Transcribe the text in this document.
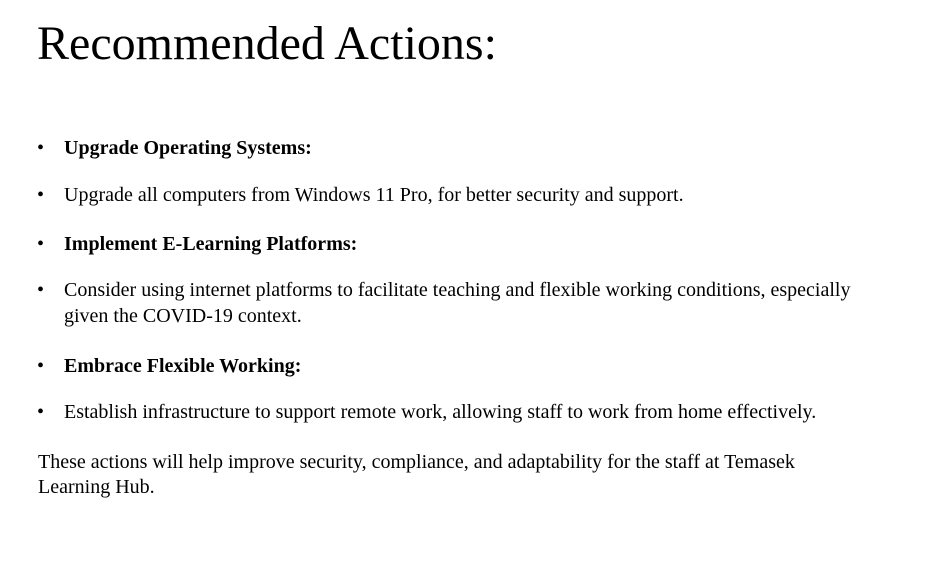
Recommended Actions:
• Upgrade Operating Systems:
• Upgrade all computers from Windows 11 Pro, for better security and support.
• Implement E-Learning Platforms:
• Consider using internet platforms to facilitate teaching and flexible working conditions, especially given the COVID-19 context.
• Embrace Flexible Working:
• Establish infrastructure to support remote work, allowing staff to work from home effectively.

These actions will help improve security, compliance, and adaptability for the staff at Temasek Learning Hub.
